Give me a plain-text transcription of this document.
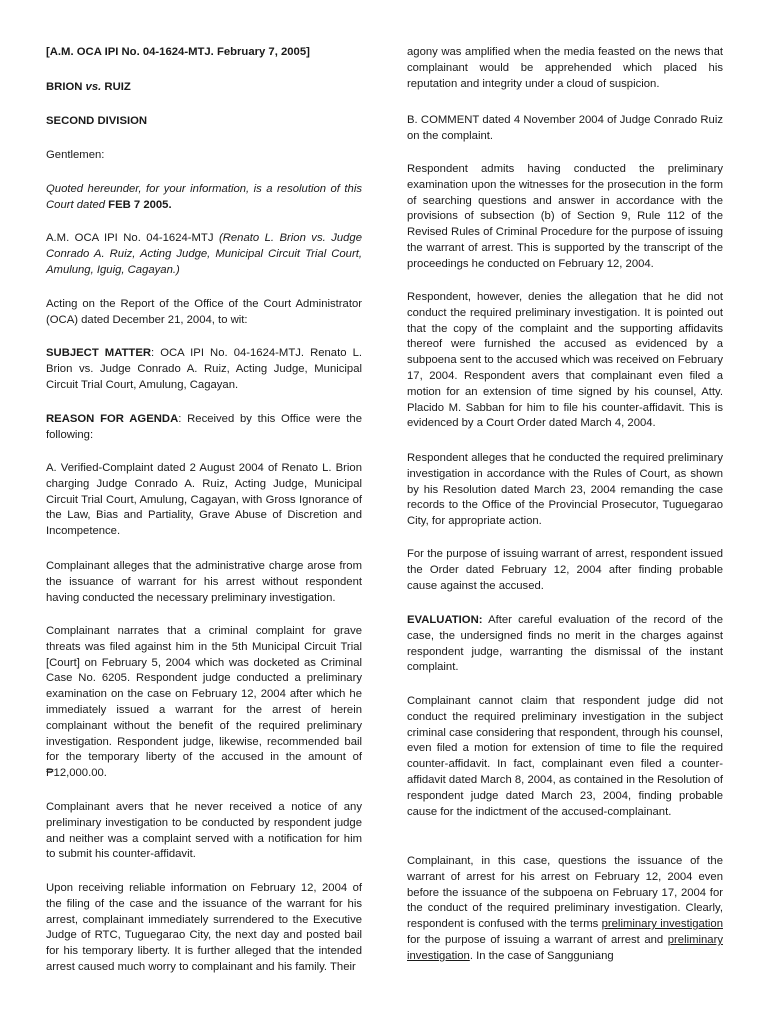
[A.M. OCA IPI No. 04-1624-MTJ. February 7, 2005]

BRION vs. RUIZ

SECOND DIVISION

Gentlemen:

Quoted hereunder, for your information, is a resolution of this Court dated FEB 7 2005.

A.M. OCA IPI No. 04-1624-MTJ (Renato L. Brion vs. Judge Conrado A. Ruiz, Acting Judge, Municipal Circuit Trial Court, Amulung, Iguig, Cagayan.)

Acting on the Report of the Office of the Court Administrator (OCA) dated December 21, 2004, to wit:

SUBJECT MATTER: OCA IPI No. 04-1624-MTJ. Renato L. Brion vs. Judge Conrado A. Ruiz, Acting Judge, Municipal Circuit Trial Court, Amulung, Cagayan.

REASON FOR AGENDA: Received by this Office were the following:

A. Verified-Complaint dated 2 August 2004 of Renato L. Brion charging Judge Conrado A. Ruiz, Acting Judge, Municipal Circuit Trial Court, Amulung, Cagayan, with Gross Ignorance of the Law, Bias and Partiality, Grave Abuse of Discretion and Incompetence.

Complainant alleges that the administrative charge arose from the issuance of warrant for his arrest without respondent having conducted the necessary preliminary investigation.

Complainant narrates that a criminal complaint for grave threats was filed against him in the 5th Municipal Circuit Trial [Court] on February 5, 2004 which was docketed as Criminal Case No. 6205. Respondent judge conducted a preliminary examination on the case on February 12, 2004 after which he immediately issued a warrant for the arrest of herein complainant without the benefit of the required preliminary investigation. Respondent judge, likewise, recommended bail for the temporary liberty of the accused in the amount of ₱12,000.00.

Complainant avers that he never received a notice of any preliminary investigation to be conducted by respondent judge and neither was a complaint served with a notification for him to submit his counter-affidavit.

Upon receiving reliable information on February 12, 2004 of the filing of the case and the issuance of the warrant for his arrest, complainant immediately surrendered to the Executive Judge of RTC, Tuguegarao City, the next day and posted bail for his temporary liberty. It is further alleged that the intended arrest caused much worry to complainant and his family. Their

agony was amplified when the media feasted on the news that complainant would be apprehended which placed his reputation and integrity under a cloud of suspicion.

B. COMMENT dated 4 November 2004 of Judge Conrado Ruiz on the complaint.

Respondent admits having conducted the preliminary examination upon the witnesses for the prosecution in the form of searching questions and answer in accordance with the provisions of subsection (b) of Section 9, Rule 112 of the Revised Rules of Criminal Procedure for the purpose of issuing the warrant of arrest. This is supported by the transcript of the proceedings he conducted on February 12, 2004.

Respondent, however, denies the allegation that he did not conduct the required preliminary investigation. It is pointed out that the copy of the complaint and the supporting affidavits thereof were furnished the accused as evidenced by a subpoena sent to the accused which was received on February 17, 2004. Respondent avers that complainant even filed a motion for an extension of time signed by his counsel, Atty. Placido M. Sabban for him to file his counter-affidavit. This is evidenced by a Court Order dated March 4, 2004.

Respondent alleges that he conducted the required preliminary investigation in accordance with the Rules of Court, as shown by his Resolution dated March 23, 2004 remanding the case records to the Office of the Provincial Prosecutor, Tuguegarao City, for appropriate action.

For the purpose of issuing warrant of arrest, respondent issued the Order dated February 12, 2004 after finding probable cause against the accused.

EVALUATION: After careful evaluation of the record of the case, the undersigned finds no merit in the charges against respondent judge, warranting the dismissal of the instant complaint.

Complainant cannot claim that respondent judge did not conduct the required preliminary investigation in the subject criminal case considering that respondent, through his counsel, even filed a motion for extension of time to file the required counter-affidavit. In fact, complainant even filed a counter-affidavit dated March 8, 2004, as contained in the Resolution of respondent judge dated March 23, 2004, finding probable cause for the indictment of the accused-complainant.

Complainant, in this case, questions the issuance of the warrant of arrest for his arrest on February 12, 2004 even before the issuance of the subpoena on February 17, 2004 for the conduct of the required preliminary investigation. Clearly, respondent is confused with the terms preliminary investigation for the purpose of issuing a warrant of arrest and preliminary investigation. In the case of Sangguniang
